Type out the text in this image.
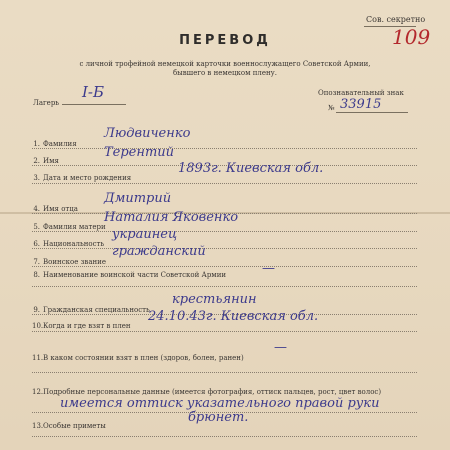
Сов. секретно
109
ПЕРЕВОД
с личной трофейной немецкой карточки военнослужащего Советской Армии,
бывшего в немецком плену.
Лагерь
I-Б	Опознавательный знак
№ 33915
1. Фамилия
Людвиченко
2. Имя
Терентий
3. Дата и место рождения
1893г. Киевская обл.
4. Имя отца
Дмитрий
5. Фамилия матери
Наталия Яковенко
6. Национальность
украинец
7. Воинское звание
гражданский
8. Наименование воинской части Советской Армии	—
9. Гражданская специальность
крестьянин
10.Когда и где взят в плен
24.10.43г. Киевская обл.
11.В каком состоянии взят в плен (здоров, болен, ранен)
—
12.Подробные персональные данные (имеется фотография, оттиск пальцев, рост, цвет волос)
имеется оттиск указательного правой руки
13.Особые приметы
брюнет.
